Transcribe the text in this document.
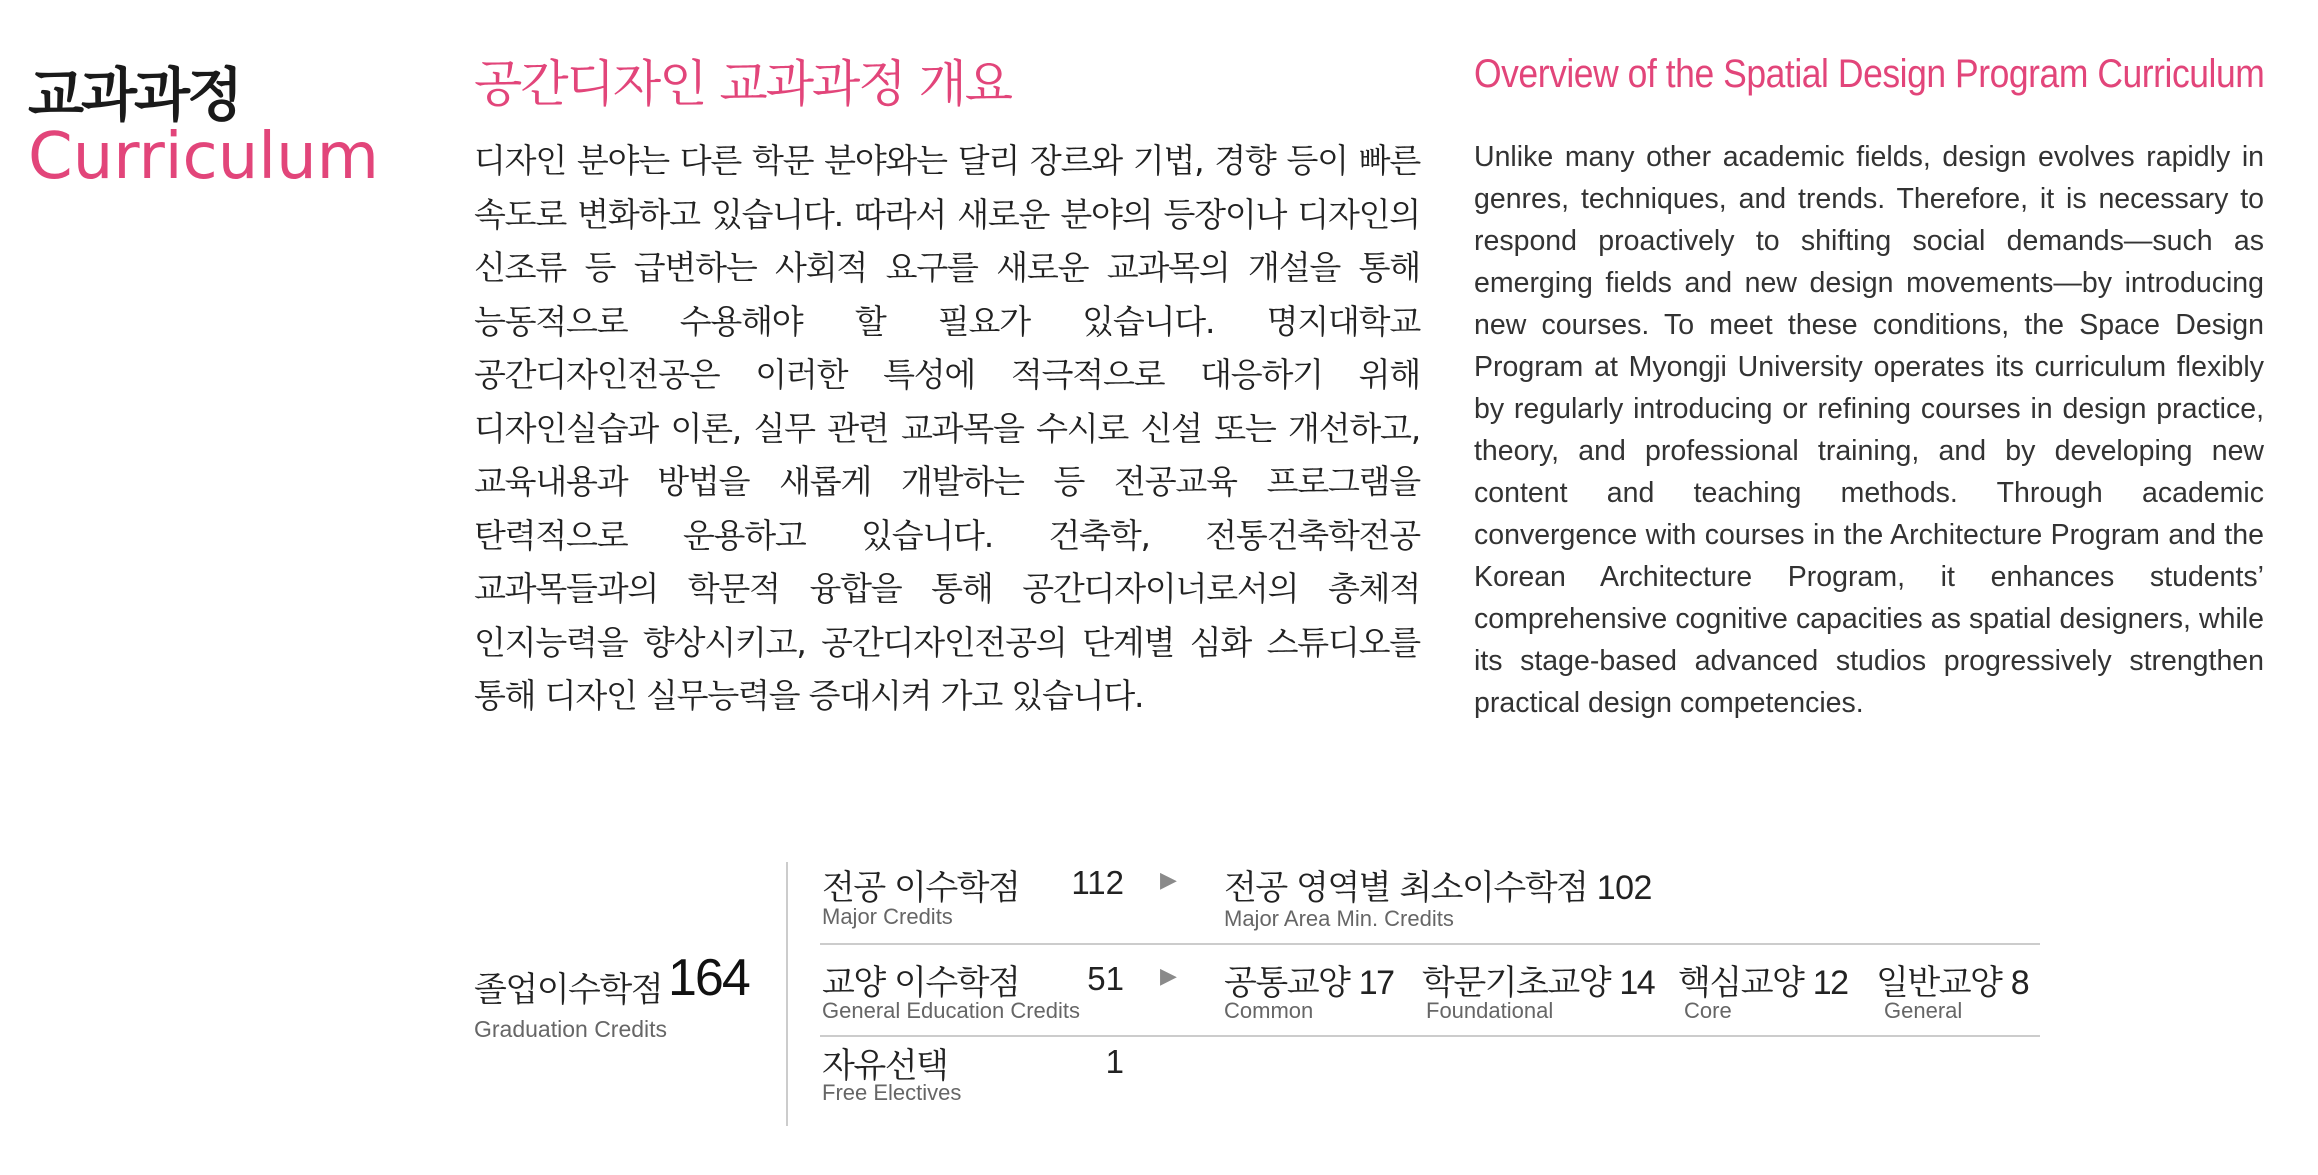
교과과정
Curriculum
공간디자인 교과과정 개요	Overview of the Spatial Design Program Curriculum
디자인 분야는 다른 학문 분야와는 달리 장르와 기법, 경향 등이 빠른 속도로 변화하고 있습니다. 따라서 새로운 분야의 등장이나 디자인의 신조류 등 급변하는 사회적 요구를 새로운 교과목의 개설을 통해 능동적으로 수용해야 할 필요가 있습니다. 명지대학교 공간디자인전공은 이러한 특성에 적극적으로 대응하기 위해 디자인실습과 이론, 실무 관련 교과목을 수시로 신설 또는 개선하고, 교육내용과 방법을 새롭게 개발하는 등 전공교육 프로그램을 탄력적으로 운용하고 있습니다. 건축학, 전통건축학전공 교과목들과의 학문적 융합을 통해 공간디자이너로서의 총체적 인지능력을 향상시키고, 공간디자인전공의 단계별 심화 스튜디오를 통해 디자인 실무능력을 증대시켜 가고 있습니다.
Unlike many other academic fields, design evolves rapidly in genres, techniques, and trends. Therefore, it is necessary to respond proactively to shifting social demands—such as emerging fields and new design movements—by introducing new courses. To meet these conditions, the Space Design Program at Myongji University operates its curriculum flexibly by regularly introducing or refining courses in design practice, theory, and professional training, and by developing new content and teaching methods. Through academic convergence with courses in the Architecture Program and the Korean Architecture Program, it enhances students’ comprehensive cognitive capacities as spatial designers, while its stage-based advanced studios progressively strengthen practical design competencies.
졸업이수학점 164
Graduation Credits
전공 이수학점
Major Credits
112 ▶ 전공 영역별 최소이수학점 102
Major Area Min. Credits
교양 이수학점
General Education Credits
51 ▶ 공통교양 17
Common
학문기초교양 14
Foundational
핵심교양 12
Core
일반교양 8
General
자유선택
Free Electives
1
